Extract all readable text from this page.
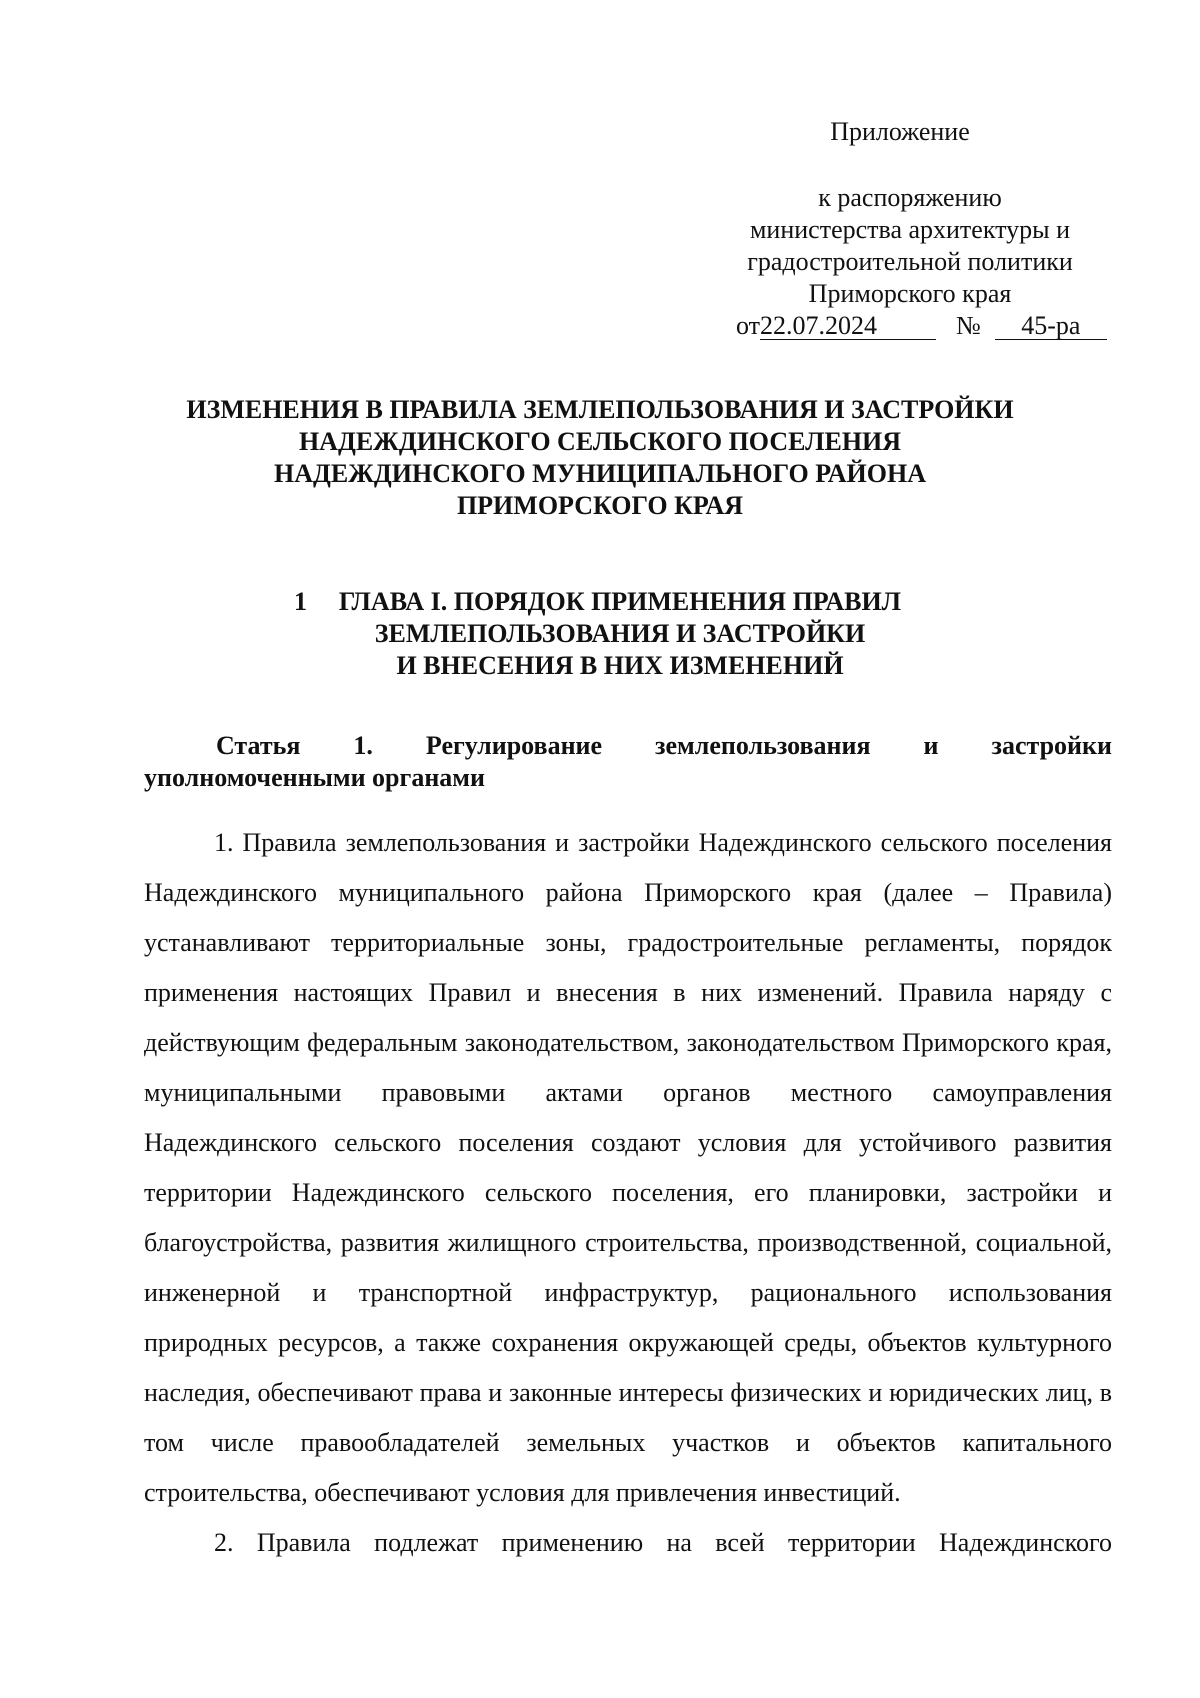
Приложение

к распоряжению
министерства архитектуры и
градостроительной политики
Приморского края
от22.07.2024	№ 45-ра
ИЗМЕНЕНИЯ В ПРАВИЛА ЗЕМЛЕПОЛЬЗОВАНИЯ И ЗАСТРОЙКИ
НАДЕЖДИНСКОГО СЕЛЬСКОГО ПОСЕЛЕНИЯ
НАДЕЖДИНСКОГО МУНИЦИПАЛЬНОГО РАЙОНА
ПРИМОРСКОГО КРАЯ
1	ГЛАВА I. ПОРЯДОК ПРИМЕНЕНИЯ ПРАВИЛ
ЗЕМЛЕПОЛЬЗОВАНИЯ И ЗАСТРОЙКИ
И ВНЕСЕНИЯ В НИХ ИЗМЕНЕНИЙ
Статья 1. Регулирование землепользования и застройки
уполномоченными органами

1. Правила землепользования и застройки Надеждинского сельского поселения Надеждинского муниципального района Приморского края (далее – Правила) устанавливают территориальные зоны, градостроительные регламенты, порядок применения настоящих Правил и внесения в них изменений. Правила наряду с действующим федеральным законодательством, законодательством Приморского края, муниципальными правовыми актами органов местного самоуправления Надеждинского сельского поселения создают условия для устойчивого развития территории Надеждинского сельского поселения, его планировки, застройки и благоустройства, развития жилищного строительства, производственной, социальной, инженерной и транспортной инфраструктур, рационального использования природных ресурсов, а также сохранения окружающей среды, объектов культурного наследия, обеспечивают права и законные интересы физических и юридических лиц, в том числе правообладателей земельных участков и объектов капитального строительства, обеспечивают условия для привлечения инвестиций.

2. Правила подлежат применению на всей территории Надеждинского
